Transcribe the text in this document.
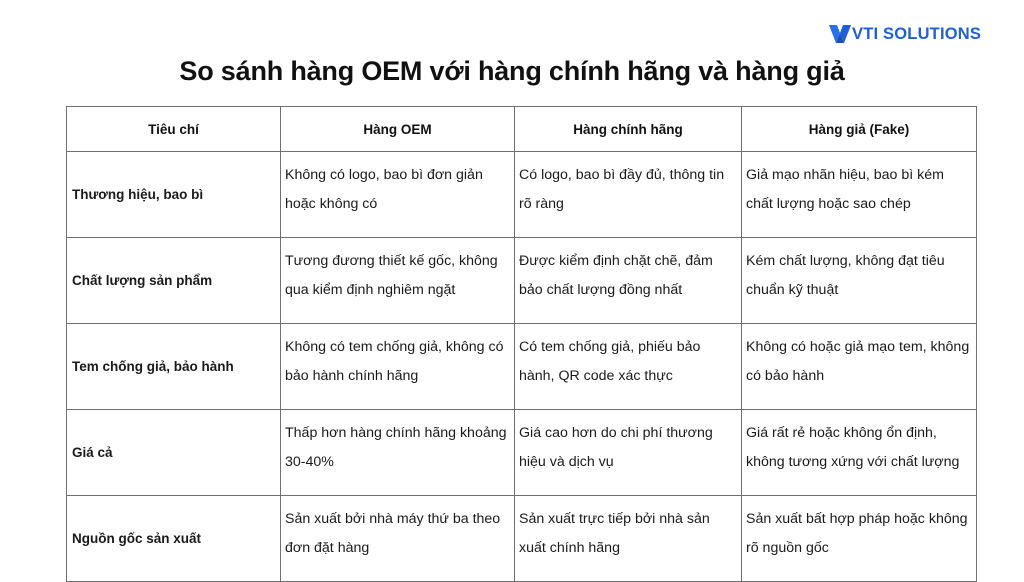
VTI SOLUTIONS
So sánh hàng OEM với hàng chính hãng và hàng giả
Tiêu chí	Hàng OEM	Hàng chính hãng	Hàng giả (Fake)
Thương hiệu, bao bì	Không có logo, bao bì đơn giản hoặc không có	Có logo, bao bì đầy đủ, thông tin rõ ràng	Giả mạo nhãn hiệu, bao bì kém chất lượng hoặc sao chép
Chất lượng sản phẩm	Tương đương thiết kế gốc, không qua kiểm định nghiêm ngặt	Được kiểm định chặt chẽ, đảm bảo chất lượng đồng nhất	Kém chất lượng, không đạt tiêu chuẩn kỹ thuật
Tem chống giả, bảo hành	Không có tem chống giả, không có bảo hành chính hãng	Có tem chống giả, phiếu bảo hành, QR code xác thực	Không có hoặc giả mạo tem, không có bảo hành
Giá cả	Thấp hơn hàng chính hãng khoảng 30-40%	Giá cao hơn do chi phí thương hiệu và dịch vụ	Giá rất rẻ hoặc không ổn định, không tương xứng với chất lượng
Nguồn gốc sản xuất	Sản xuất bởi nhà máy thứ ba theo đơn đặt hàng	Sản xuất trực tiếp bởi nhà sản xuất chính hãng	Sản xuất bất hợp pháp hoặc không rõ nguồn gốc
